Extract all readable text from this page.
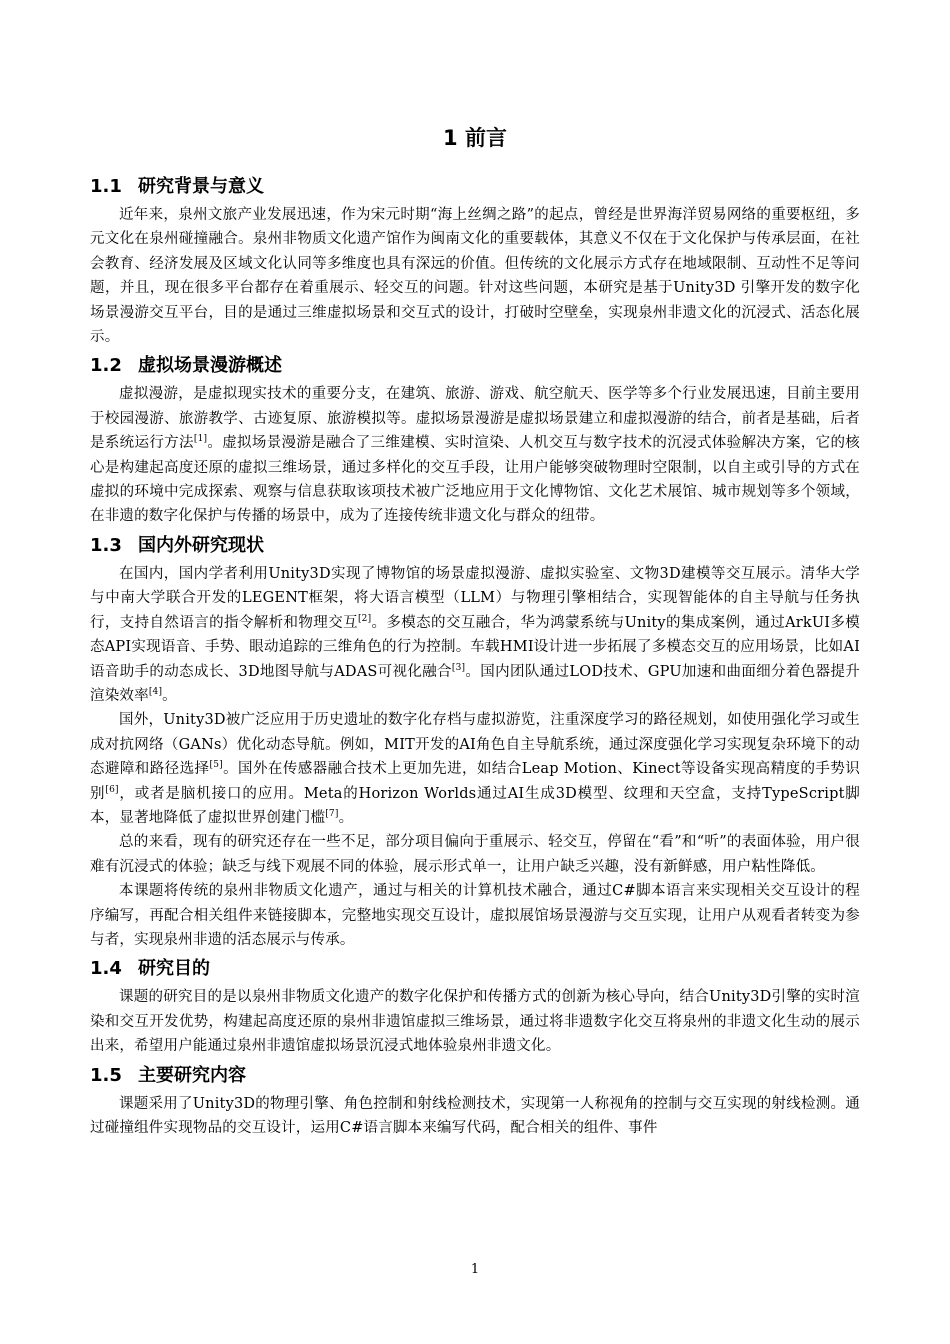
1 前言
1.1 研究背景与意义

近年来，泉州文旅产业发展迅速，作为宋元时期“海上丝绸之路”的起点，曾经是世界海洋贸易网络的重要枢纽，多元文化在泉州碰撞融合。泉州非物质文化遗产馆作为闽南文化的重要载体，其意义不仅在于文化保护与传承层面，在社会教育、经济发展及区域文化认同等多维度也具有深远的价值。但传统的文化展示方式存在地域限制、互动性不足等问题，并且，现在很多平台都存在着重展示、轻交互的问题。针对这些问题，本研究是基于Unity3D 引擎开发的数字化场景漫游交互平台，目的是通过三维虚拟场景和交互式的设计，打破时空壁垒，实现泉州非遗文化的沉浸式、活态化展示。

1.2 虚拟场景漫游概述

虚拟漫游，是虚拟现实技术的重要分支，在建筑、旅游、游戏、航空航天、医学等多个行业发展迅速，目前主要用于校园漫游、旅游教学、古迹复原、旅游模拟等。虚拟场景漫游是虚拟场景建立和虚拟漫游的结合，前者是基础，后者是系统运行方法[1]。虚拟场景漫游是融合了三维建模、实时渲染、人机交互与数字技术的沉浸式体验解决方案，它的核心是构建起高度还原的虚拟三维场景，通过多样化的交互手段，让用户能够突破物理时空限制，以自主或引导的方式在虚拟的环境中完成探索、观察与信息获取该项技术被广泛地应用于文化博物馆、文化艺术展馆、城市规划等多个领域，在非遗的数字化保护与传播的场景中，成为了连接传统非遗文化与群众的纽带。

1.3 国内外研究现状

在国内，国内学者利用Unity3D实现了博物馆的场景虚拟漫游、虚拟实验室、文物3D建模等交互展示。清华大学与中南大学联合开发的LEGENT框架，将大语言模型（LLM）与物理引擎相结合，实现智能体的自主导航与任务执行，支持自然语言的指令解析和物理交互[2]。多模态的交互融合，华为鸿蒙系统与Unity的集成案例，通过ArkUI多模态API实现语音、手势、眼动追踪的三维角色的行为控制。车载HMI设计进一步拓展了多模态交互的应用场景，比如AI语音助手的动态成长、3D地图导航与ADAS可视化融合[3]。国内团队通过LOD技术、GPU加速和曲面细分着色器提升渲染效率[4]。

国外，Unity3D被广泛应用于历史遗址的数字化存档与虚拟游览，注重深度学习的路径规划，如使用强化学习或生成对抗网络（GANs）优化动态导航。例如，MIT开发的AI角色自主导航系统，通过深度强化学习实现复杂环境下的动态避障和路径选择[5]。国外在传感器融合技术上更加先进，如结合Leap Motion、Kinect等设备实现高精度的手势识别[6]，或者是脑机接口的应用。Meta的Horizon Worlds通过AI生成3D模型、纹理和天空盒，支持TypeScript脚本，显著地降低了虚拟世界创建门槛[7]。

总的来看，现有的研究还存在一些不足，部分项目偏向于重展示、轻交互，停留在“看”和“听”的表面体验，用户很难有沉浸式的体验；缺乏与线下观展不同的体验，展示形式单一，让用户缺乏兴趣，没有新鲜感，用户粘性降低。

本课题将传统的泉州非物质文化遗产，通过与相关的计算机技术融合，通过C#脚本语言来实现相关交互设计的程序编写，再配合相关组件来链接脚本，完整地实现交互设计，虚拟展馆场景漫游与交互实现，让用户从观看者转变为参与者，实现泉州非遗的活态展示与传承。

1.4 研究目的

课题的研究目的是以泉州非物质文化遗产的数字化保护和传播方式的创新为核心导向，结合Unity3D引擎的实时渲染和交互开发优势，构建起高度还原的泉州非遗馆虚拟三维场景，通过将非遗数字化交互将泉州的非遗文化生动的展示出来，希望用户能通过泉州非遗馆虚拟场景沉浸式地体验泉州非遗文化。

1.5 主要研究内容

课题采用了Unity3D的物理引擎、角色控制和射线检测技术，实现第一人称视角的控制与交互实现的射线检测。通过碰撞组件实现物品的交互设计，运用C#语言脚本来编写代码，配合相关的组件、事件

1
